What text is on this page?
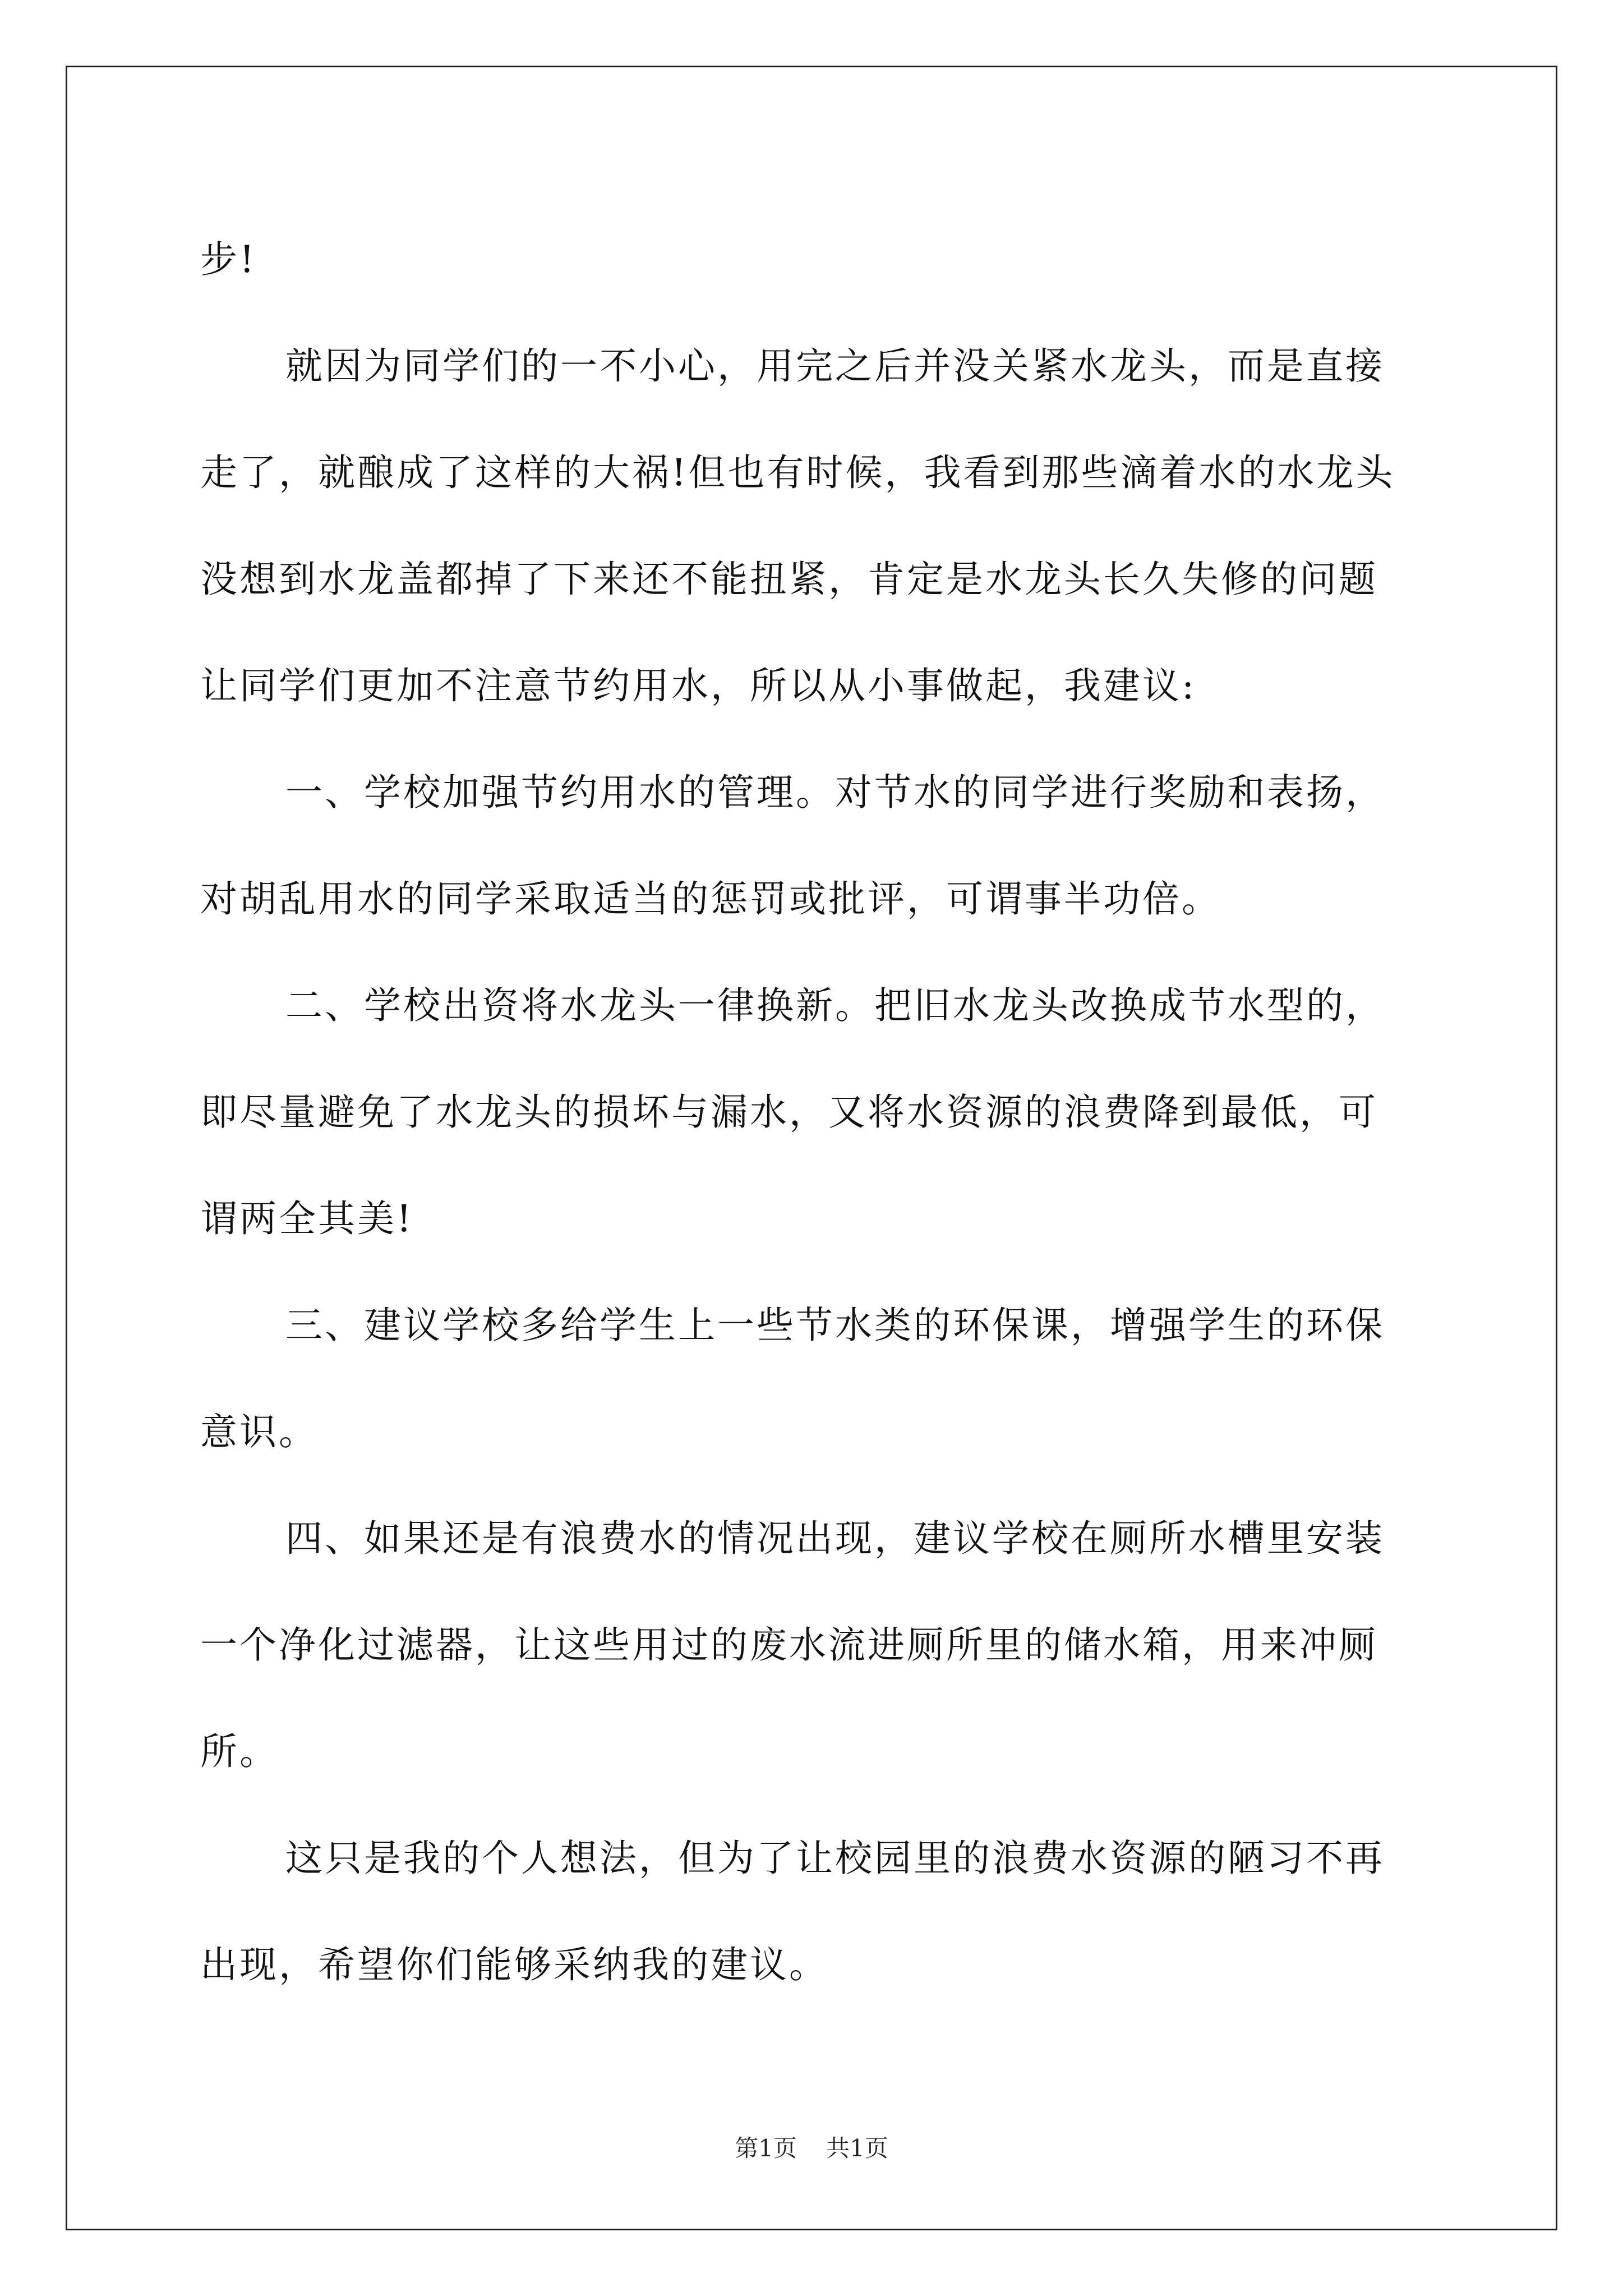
步!

就因为同学们的一不小心，用完之后并没关紧水龙头，而是直接
走了，就酿成了这样的大祸!但也有时候，我看到那些滴着水的水龙头
没想到水龙盖都掉了下来还不能扭紧，肯定是水龙头长久失修的问题
让同学们更加不注意节约用水，所以从小事做起，我建议:

一、学校加强节约用水的管理。对节水的同学进行奖励和表扬，
对胡乱用水的同学采取适当的惩罚或批评，可谓事半功倍。

二、学校出资将水龙头一律换新。把旧水龙头改换成节水型的，
即尽量避免了水龙头的损坏与漏水，又将水资源的浪费降到最低，可
谓两全其美!

三、建议学校多给学生上一些节水类的环保课，增强学生的环保
意识。

四、如果还是有浪费水的情况出现，建议学校在厕所水槽里安装
一个净化过滤器，让这些用过的废水流进厕所里的储水箱，用来冲厕
所。

这只是我的个人想法，但为了让校园里的浪费水资源的陋习不再
出现，希望你们能够采纳我的建议。

第1页 共1页
